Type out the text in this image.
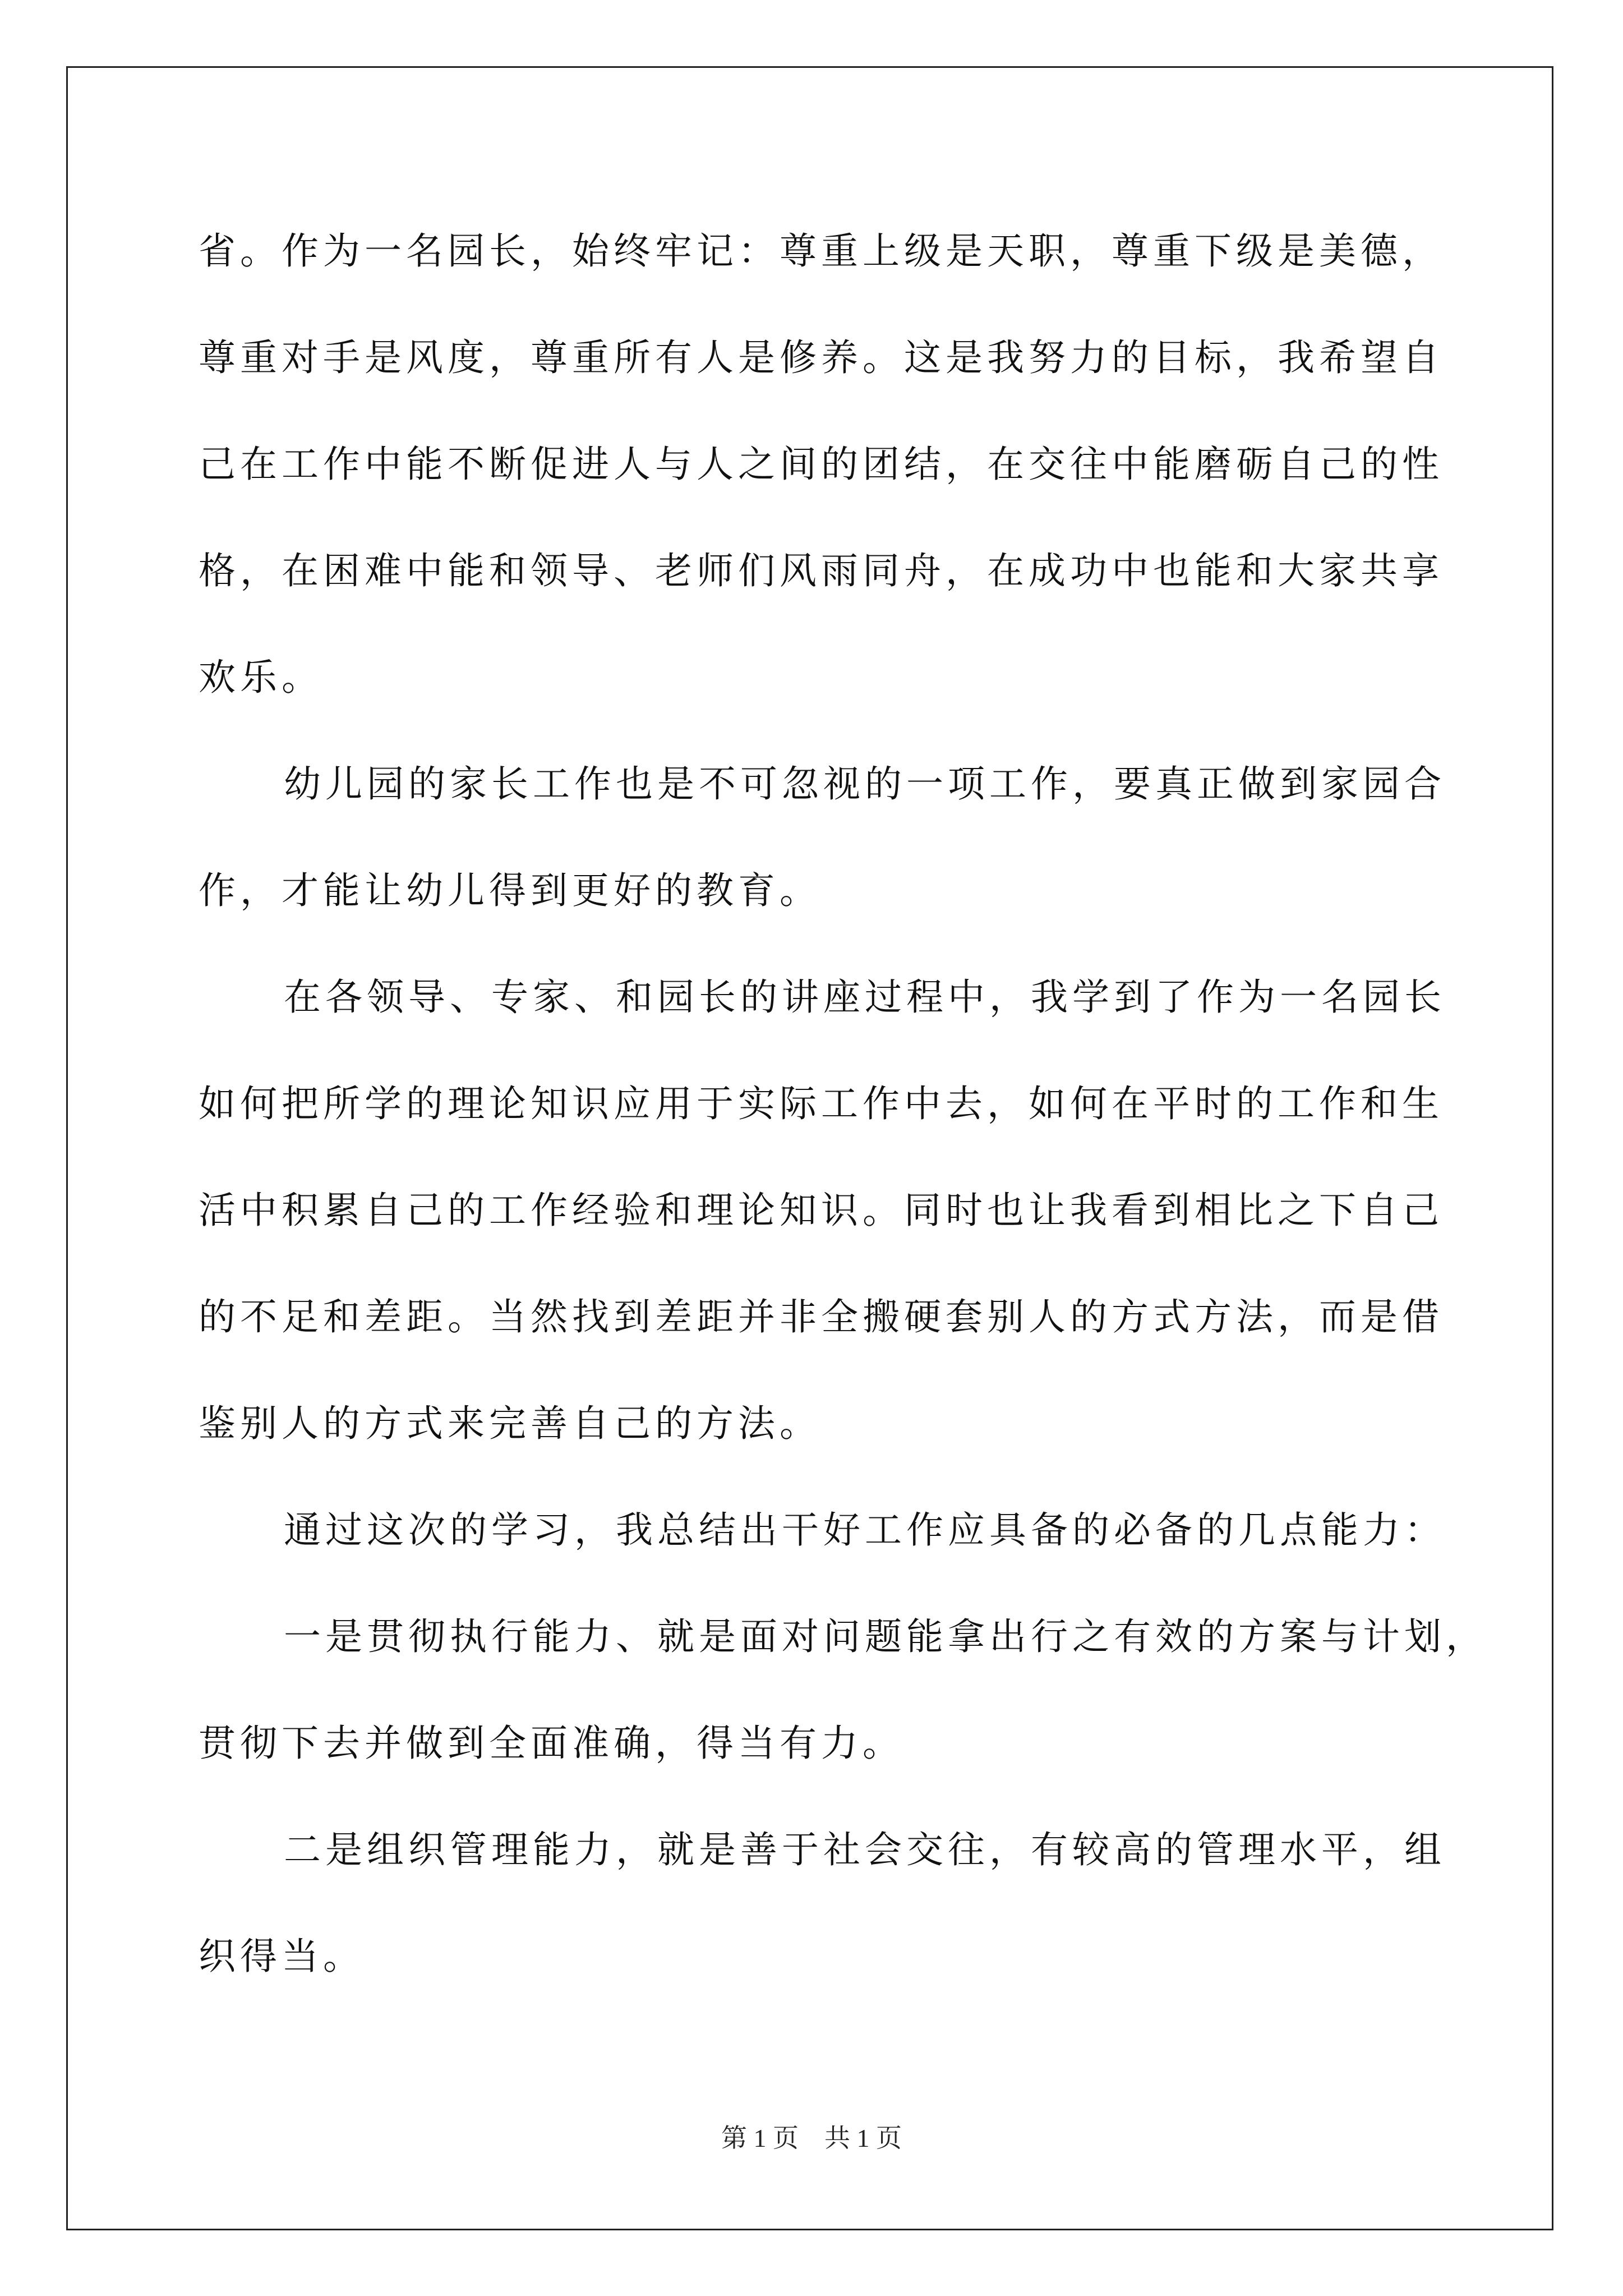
省。作为一名园长，始终牢记：尊重上级是天职，尊重下级是美德，
尊重对手是风度，尊重所有人是修养。这是我努力的目标，我希望自
己在工作中能不断促进人与人之间的团结，在交往中能磨砺自己的性
格，在困难中能和领导、老师们风雨同舟，在成功中也能和大家共享
欢乐。
幼儿园的家长工作也是不可忽视的一项工作，要真正做到家园合
作，才能让幼儿得到更好的教育。
在各领导、专家、和园长的讲座过程中，我学到了作为一名园长
如何把所学的理论知识应用于实际工作中去，如何在平时的工作和生
活中积累自己的工作经验和理论知识。同时也让我看到相比之下自己
的不足和差距。当然找到差距并非全搬硬套别人的方式方法，而是借
鉴别人的方式来完善自己的方法。
通过这次的学习，我总结出干好工作应具备的必备的几点能力：
一是贯彻执行能力、就是面对问题能拿出行之有效的方案与计划，
贯彻下去并做到全面准确，得当有力。
二是组织管理能力，就是善于社会交往，有较高的管理水平，组
织得当。
第 1 页    共 1 页
